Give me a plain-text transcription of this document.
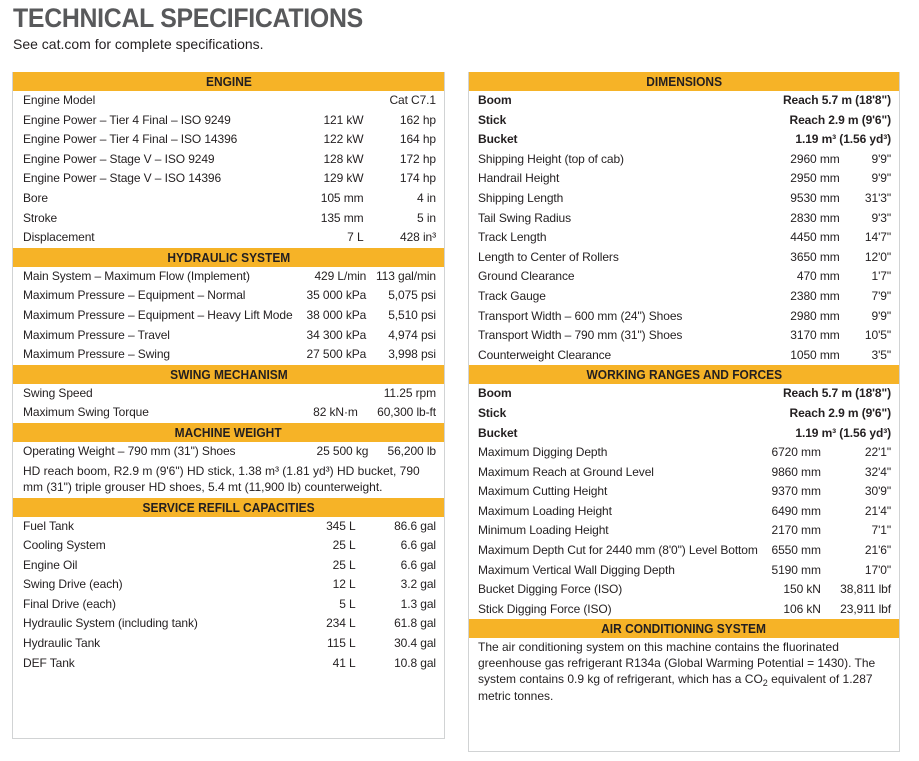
TECHNICAL SPECIFICATIONS
See cat.com for complete specifications.
ENGINE
Engine Model		Cat C7.1
Engine Power – Tier 4 Final – ISO 9249	121 kW	162 hp
Engine Power – Tier 4 Final – ISO 14396	122 kW	164 hp
Engine Power – Stage V – ISO 9249	128 kW	172 hp
Engine Power – Stage V – ISO 14396	129 kW	174 hp
Bore	105 mm	4 in
Stroke	135 mm	5 in
Displacement	7 L	428 in³
HYDRAULIC SYSTEM
Main System – Maximum Flow (Implement)	429 L/min	113 gal/min
Maximum Pressure – Equipment – Normal	35 000 kPa	5,075 psi
Maximum Pressure – Equipment – Heavy Lift Mode	38 000 kPa	5,510 psi
Maximum Pressure – Travel	34 300 kPa	4,974 psi
Maximum Pressure – Swing	27 500 kPa	3,998 psi
SWING MECHANISM
Swing Speed		11.25 rpm
Maximum Swing Torque	82 kN·m	60,300 lb-ft
MACHINE WEIGHT
Operating Weight – 790 mm (31") Shoes	25 500 kg	56,200 lb
HD reach boom, R2.9 m (9'6") HD stick, 1.38 m³ (1.81 yd³) HD bucket, 790 mm (31") triple grouser HD shoes, 5.4 mt (11,900 lb) counterweight.
SERVICE REFILL CAPACITIES
Fuel Tank	345 L	86.6 gal
Cooling System	25 L	6.6 gal
Engine Oil	25 L	6.6 gal
Swing Drive (each)	12 L	3.2 gal
Final Drive (each)	5 L	1.3 gal
Hydraulic System (including tank)	234 L	61.8 gal
Hydraulic Tank	115 L	30.4 gal
DEF Tank	41 L	10.8 gal
DIMENSIONS
Boom	Reach 5.7 m (18'8")	
Stick	Reach 2.9 m (9'6")	
Bucket	1.19 m³ (1.56 yd³)	
Shipping Height (top of cab)	2960 mm	9'9"
Handrail Height	2950 mm	9'9"
Shipping Length	9530 mm	31'3"
Tail Swing Radius	2830 mm	9'3"
Track Length	4450 mm	14'7"
Length to Center of Rollers	3650 mm	12'0"
Ground Clearance	470 mm	1'7"
Track Gauge	2380 mm	7'9"
Transport Width – 600 mm (24") Shoes	2980 mm	9'9"
Transport Width – 790 mm (31") Shoes	3170 mm	10'5"
Counterweight Clearance	1050 mm	3'5"
WORKING RANGES AND FORCES
Boom	Reach 5.7 m (18'8")	
Stick	Reach 2.9 m (9'6")	
Bucket	1.19 m³ (1.56 yd³)	
Maximum Digging Depth	6720 mm	22'1"
Maximum Reach at Ground Level	9860 mm	32'4"
Maximum Cutting Height	9370 mm	30'9"
Maximum Loading Height	6490 mm	21'4"
Minimum Loading Height	2170 mm	7'1"
Maximum Depth Cut for 2440 mm (8'0") Level Bottom	6550 mm	21'6"
Maximum Vertical Wall Digging Depth	5190 mm	17'0"
Bucket Digging Force (ISO)	150 kN	38,811 lbf
Stick Digging Force (ISO)	106 kN	23,911 lbf
AIR CONDITIONING SYSTEM
The air conditioning system on this machine contains the fluorinated greenhouse gas refrigerant R134a (Global Warming Potential = 1430). The system contains 0.9 kg of refrigerant, which has a $CO_2$ equivalent of 1.287 metric tonnes.
